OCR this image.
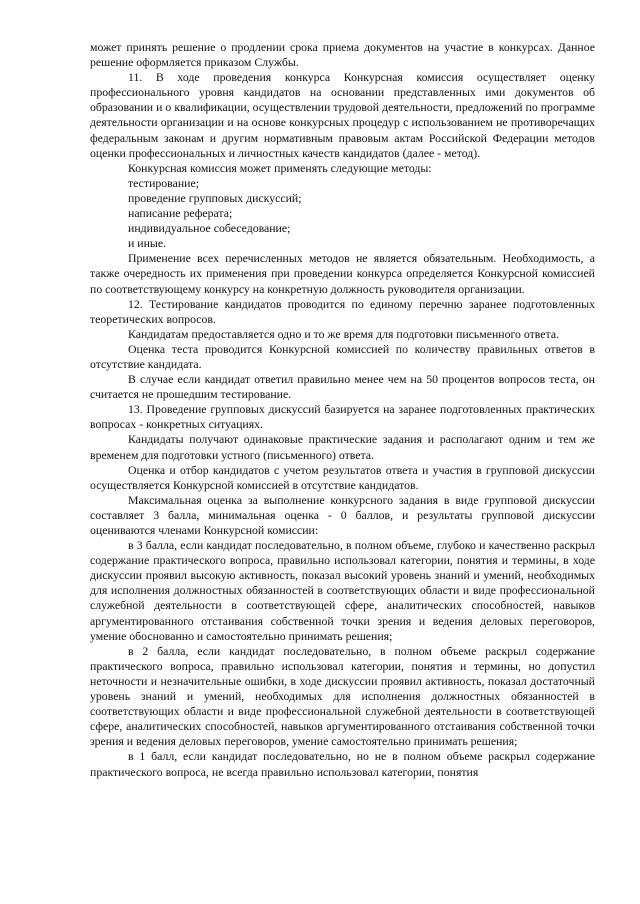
может принять решение о продлении срока приема документов на участие в конкурсах. Данное решение оформляется приказом Службы.

11. В ходе проведения конкурса Конкурсная комиссия осуществляет оценку профессионального уровня кандидатов на основании представленных ими документов об образовании и о квалификации, осуществлении трудовой деятельности, предложений по программе деятельности организации и на основе конкурсных процедур с использованием не противоречащих федеральным законам и другим нормативным правовым актам Российской Федерации методов оценки профессиональных и личностных качеств кандидатов (далее - метод).

Конкурсная комиссия может применять следующие методы:

тестирование;

проведение групповых дискуссий;

написание реферата;

индивидуальное собеседование;

и иные.

Применение всех перечисленных методов не является обязательным. Необходимость, а также очередность их применения при проведении конкурса определяется Конкурсной комиссией по соответствующему конкурсу на конкретную должность руководителя организации.

12. Тестирование кандидатов проводится по единому перечню заранее подготовленных теоретических вопросов.

Кандидатам предоставляется одно и то же время для подготовки письменного ответа.

Оценка теста проводится Конкурсной комиссией по количеству правильных ответов в отсутствие кандидата.

В случае если кандидат ответил правильно менее чем на 50 процентов вопросов теста, он считается не прошедшим тестирование.

13. Проведение групповых дискуссий базируется на заранее подготовленных практических вопросах - конкретных ситуациях.

Кандидаты получают одинаковые практические задания и располагают одним и тем же временем для подготовки устного (письменного) ответа.

Оценка и отбор кандидатов с учетом результатов ответа и участия в групповой дискуссии осуществляется Конкурсной комиссией в отсутствие кандидатов.

Максимальная оценка за выполнение конкурсного задания в виде групповой дискуссии составляет 3 балла, минимальная оценка - 0 баллов, и результаты групповой дискуссии оцениваются членами Конкурсной комиссии:

в 3 балла, если кандидат последовательно, в полном объеме, глубоко и качественно раскрыл содержание практического вопроса, правильно использовал категории, понятия и термины, в ходе дискуссии проявил высокую активность, показал высокий уровень знаний и умений, необходимых для исполнения должностных обязанностей в соответствующих области и виде профессиональной служебной деятельности в соответствующей сфере, аналитических способностей, навыков аргументированного отстаивания собственной точки зрения и ведения деловых переговоров, умение обоснованно и самостоятельно принимать решения;

в 2 балла, если кандидат последовательно, в полном объеме раскрыл содержание практического вопроса, правильно использовал категории, понятия и термины, но допустил неточности и незначительные ошибки, в ходе дискуссии проявил активность, показал достаточный уровень знаний и умений, необходимых для исполнения должностных обязанностей в соответствующих области и виде профессиональной служебной деятельности в соответствующей сфере, аналитических способностей, навыков аргументированного отстаивания собственной точки зрения и ведения деловых переговоров, умение самостоятельно принимать решения;

в 1 балл, если кандидат последовательно, но не в полном объеме раскрыл содержание практического вопроса, не всегда правильно использовал категории, понятия
